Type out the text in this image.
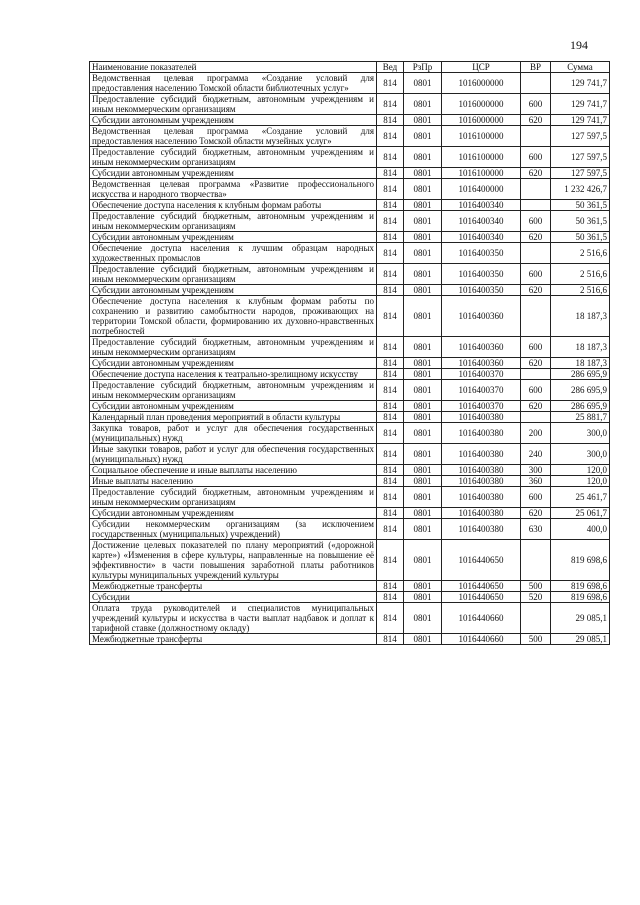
194
Наименование показателей	Вед	РзПр	ЦСР	ВР	Сумма
Ведомственная целевая программа «Создание условий для предоставления населению Томской области библиотечных услуг»	814	0801	1016000000		129 741,7
Предоставление субсидий бюджетным, автономным учреждениям и иным некоммерческим организациям	814	0801	1016000000	600	129 741,7
Субсидии автономным учреждениям	814	0801	1016000000	620	129 741,7
Ведомственная целевая программа «Создание условий для предоставления населению Томской области музейных услуг»	814	0801	1016100000		127 597,5
Предоставление субсидий бюджетным, автономным учреждениям и иным некоммерческим организациям	814	0801	1016100000	600	127 597,5
Субсидии автономным учреждениям	814	0801	1016100000	620	127 597,5
Ведомственная целевая программа «Развитие профессионального искусства и народного творчества»	814	0801	1016400000		1 232 426,7
Обеспечение доступа населения к клубным формам работы	814	0801	1016400340		50 361,5
Предоставление субсидий бюджетным, автономным учреждениям и иным некоммерческим организациям	814	0801	1016400340	600	50 361,5
Субсидии автономным учреждениям	814	0801	1016400340	620	50 361,5
Обеспечение доступа населения к лучшим образцам народных художественных промыслов	814	0801	1016400350		2 516,6
Предоставление субсидий бюджетным, автономным учреждениям и иным некоммерческим организациям	814	0801	1016400350	600	2 516,6
Субсидии автономным учреждениям	814	0801	1016400350	620	2 516,6
Обеспечение доступа населения к клубным формам работы по сохранению и развитию самобытности народов, проживающих на территории Томской области, формированию их духовно-нравственных потребностей	814	0801	1016400360		18 187,3
Предоставление субсидий бюджетным, автономным учреждениям и иным некоммерческим организациям	814	0801	1016400360	600	18 187,3
Субсидии автономным учреждениям	814	0801	1016400360	620	18 187,3
Обеспечение доступа населения к театрально-зрелищному искусству	814	0801	1016400370		286 695,9
Предоставление субсидий бюджетным, автономным учреждениям и иным некоммерческим организациям	814	0801	1016400370	600	286 695,9
Субсидии автономным учреждениям	814	0801	1016400370	620	286 695,9
Календарный план проведения мероприятий в области культуры	814	0801	1016400380		25 881,7
Закупка товаров, работ и услуг для обеспечения государственных (муниципальных) нужд	814	0801	1016400380	200	300,0
Иные закупки товаров, работ и услуг для обеспечения государственных (муниципальных) нужд	814	0801	1016400380	240	300,0
Социальное обеспечение и иные выплаты населению	814	0801	1016400380	300	120,0
Иные выплаты населению	814	0801	1016400380	360	120,0
Предоставление субсидий бюджетным, автономным учреждениям и иным некоммерческим организациям	814	0801	1016400380	600	25 461,7
Субсидии автономным учреждениям	814	0801	1016400380	620	25 061,7
Субсидии некоммерческим организациям (за исключением государственных (муниципальных) учреждений)	814	0801	1016400380	630	400,0
Достижение целевых показателей по плану мероприятий («дорожной карте») «Изменения в сфере культуры, направленные на повышение её эффективности» в части повышения заработной платы работников культуры муниципальных учреждений культуры	814	0801	1016440650		819 698,6
Межбюджетные трансферты	814	0801	1016440650	500	819 698,6
Субсидии	814	0801	1016440650	520	819 698,6
Оплата труда руководителей и специалистов муниципальных учреждений культуры и искусства в части выплат надбавок и доплат к тарифной ставке (должностному окладу)	814	0801	1016440660		29 085,1
Межбюджетные трансферты	814	0801	1016440660	500	29 085,1
